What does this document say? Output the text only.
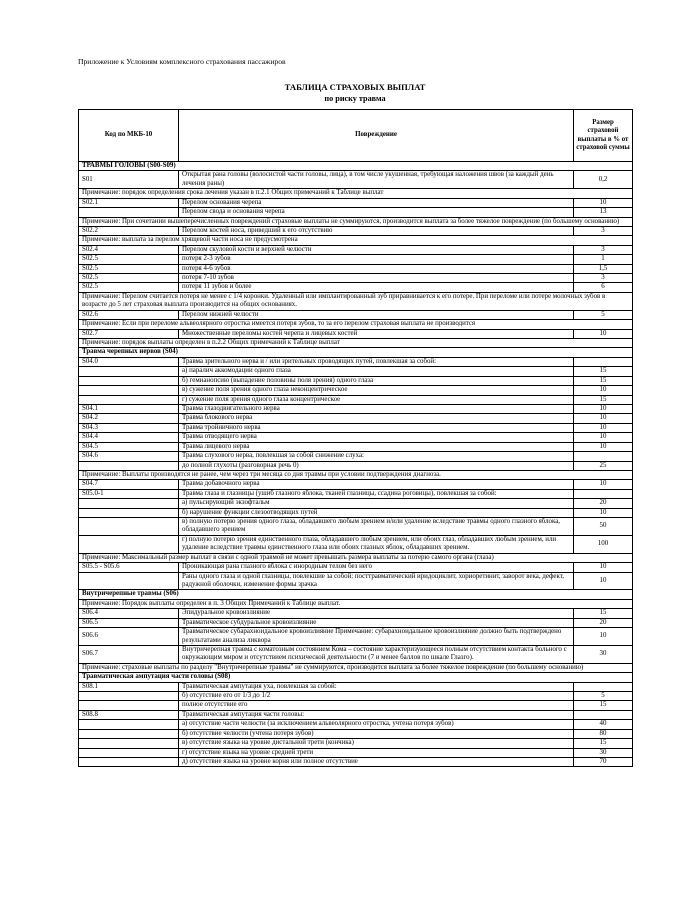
Приложение к Условиям комплексного страхования пассажиров
ТАБЛИЦА СТРАХОВЫХ ВЫПЛАТ
по риску травма
Код по МКБ-10	Повреждение	Размер страховой выплаты в % от страховой суммы
ТРАВМЫ ГОЛОВЫ (S00-S09)		
S01	Открытая рана головы (волосистой части головы, лица), в том числе укушенная, требующая наложения швов (за каждый день лечения раны)	0,2
Примечание: порядок определения срока лечения указан в п.2.1 Общих примечаний к Таблице выплат		
S02.1	Перелом основания черепа	10
	Перелом свода и основания черепа	13
Примечание: При сочетании вышеперечисленных повреждений страховые выплаты не суммируются, производится выплата за более тяжелое повреждение (по большему основанию)		
S02.2	Перелом костей носа, приведший к его отсутствию	3
Примечание: выплата за перелом хрящевой части носа не предусмотрена		
S02.4	Перелом скуловой кости и верхней челюсти	3
S02.5	потеря 2-3 зубов	1
S02.5	потеря 4-6 зубов	1,5
S02.5	потеря 7-10 зубов	3
S02.5	потеря 11 зубов и более	6
Примечание: Перелом считается потеря не менее с 1/4 коронки. Удаленный или имплантированный зуб приравнивается к его потере. При переломе или потере молочных зубов в возрасте до 5 лет страховая выплата производится на общих основаниях.		
S02.6	Перелом нижней челюсти	5
Примечание: Если при переломе альвеолярного отростка имеется потеря зубов, то за его перелом страховая выплата не производится		
S02.7	Множественные переломы костей черепа и лицевых костей	10
Примечание: порядок выплаты определен в п.2.2 Общих примечаний к Таблице выплат		
Травма черепных нервов (S04)		
S04.0	Травма зрительного нерва и / или зрительных проводящих путей, повлекшая за собой:	
	а) паралич аккомодации одного глаза	15
	б) гемианопсию (выпадение половины поля зрения) одного глаза	15
	в) сужение поля зрения одного глаза неконцентрическое	10
	г) сужение поля зрения одного глаза концентрическое	15
S04.1	Травма глазодвигательного нерва	10
S04.2	Травма блокового нерва	10
S04.3	Травма тройничного нерва	10
S04.4	Травма отводящего нерва	10
S04.5	Травма лицевого нерва	10
S04.6	Травма слухового нерва, повлекшая за собой снижение слуха:	
	до полной глухоты (разговорная речь 0)	25
Примечание: Выплаты производятся не ранее, чем через три месяца со дня травмы при условии подтверждения диагноза.		
S04.7	Травма добавочного нерва	10
S05.0-1	Травма глаза и глазницы (ушиб глазного яблока, тканей глазницы, ссадина роговицы), повлекшая за собой:	
	а) пульсирующий экзофтальм	20
	б) нарушение функции слезоотводящих путей	10
	в) полную потерю зрения одного глаза, обладавшего любым зрением и/или удаление вследствие травмы одного глазного яблока, обладавшего зрением	50
	г) полную потерю зрения единственного глаза, обладавшего любым зрением, или обоих глаз, обладавших любым зрением, или удаление вследствие травмы единственного глаза или обоих глазных яблок, обладавших зрением.	100
Примечание: Максимальный размер выплат в связи с одной травмой не может превышать размера выплаты за потерю самого органа (глаза)		
S05.5 - S05.6	Проникающая рана глазного яблока с инородным телом без него	10
	Раны одного глаза и одной глазницы, повлекшие за собой: посттравматический иридоциклит, хориоретинит, заворот века, дефект, радужной оболочки, изменение формы зрачка	10
Внутричерепные травмы (S06)		
Примечание: Порядок выплаты определен в п. 3 Общих Примечаний к Таблице выплат.		
S06.4	Эпидуральное кровоизлияние	15
S06.5	Травматическое субдуральное кровоизлияние	20
S06.6	Травматическое субарахноидальное кровоизлияние Примечание: субарахноидальное кровоизлияние должно быть подтверждено результатами анализа ликвора	10
S06.7	Внутричерепная травма с коматозным состоянием Кома – состояние характеризующееся полным отсутствием контакта больного с окружающим миром и отсутствием психической деятельности (7 и менее баллов по шкале Глазго).	30
Примечание: страховые выплаты по разделу "Внутричерепные травмы" не суммируются, производится выплата за более тяжелое повреждение (по большему основанию)		
Травматическая ампутация части головы (S08)		
S08.1	Травматическая ампутация уха, повлекшая за собой:	
	б) отсутствие его от 1/3 до 1/2	5
	полное отсутствие его	15
S08.8	Травматическая ампутация части головы:	
	а) отсутствие части челюсти (за исключением альвеолярного отростка, учтена потеря зубов)	40
	б) отсутствие челюсти (учтена потеря зубов)	80
	в) отсутствие языка на уровне дистальной трети (кончика)	15
	г) отсутствие языка на уровне средней трети	30
	д) отсутствие языка на уровне корня или полное отсутствие	70
